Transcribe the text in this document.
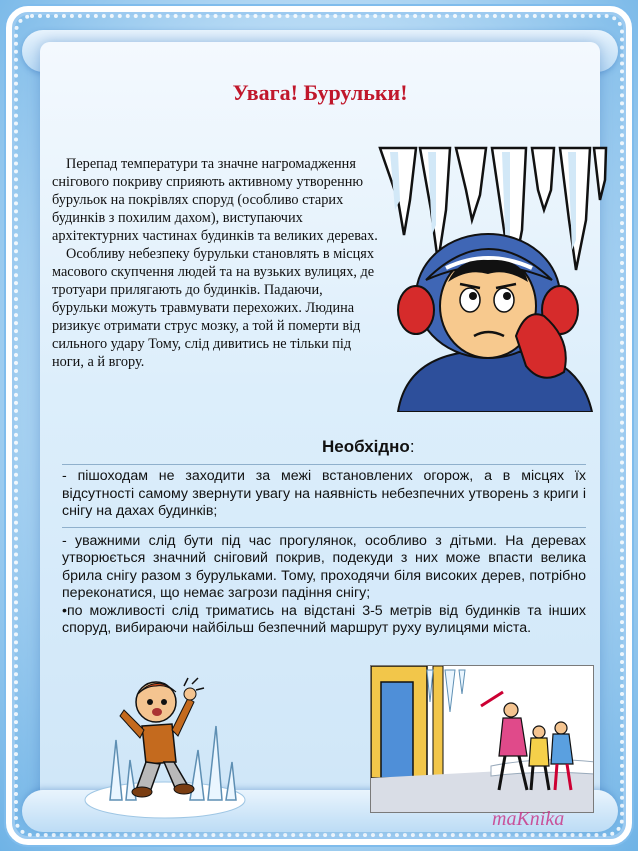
Увага! Бурульки!

Перепад температури та значне нагромадження снігового покриву сприяють активному утворенню бурульок на покрівлях споруд (особливо старих будинків з похилим дахом), виступаючих архітектурних частинах будинків та великих деревах.

Особливу небезпеку бурульки становлять в місцях масового скупчення людей та на вузьких вулицях, де тротуари прилягають до будинків. Падаючи, бурульки можуть травмувати перехожих. Людина ризикує отримати струс мозку, а той й померти від сильного удару Тому, слід дивитись не тільки під ноги, а й вгору.

Необхідно:

- пішоходам не заходити за межі встановлених огорож, а в місцях їх відсутності самому звернути увагу на наявність небезпечних утворень з криги і снігу на дахах будинків;

- уважними слід бути під час прогулянок, особливо з дітьми. На деревах утворюється значний сніговий покрив, подекуди з них може впасти велика брила снігу разом з бурульками. Тому, проходячи біля високих дерев, потрібно переконатися, що немає загрози падіння снігу;

•по можливості слід триматись на відстані 3-5 метрів від будинків та інших споруд, вибираючи найбільш безпечний маршрут руху вулицями міста.

maKnika
